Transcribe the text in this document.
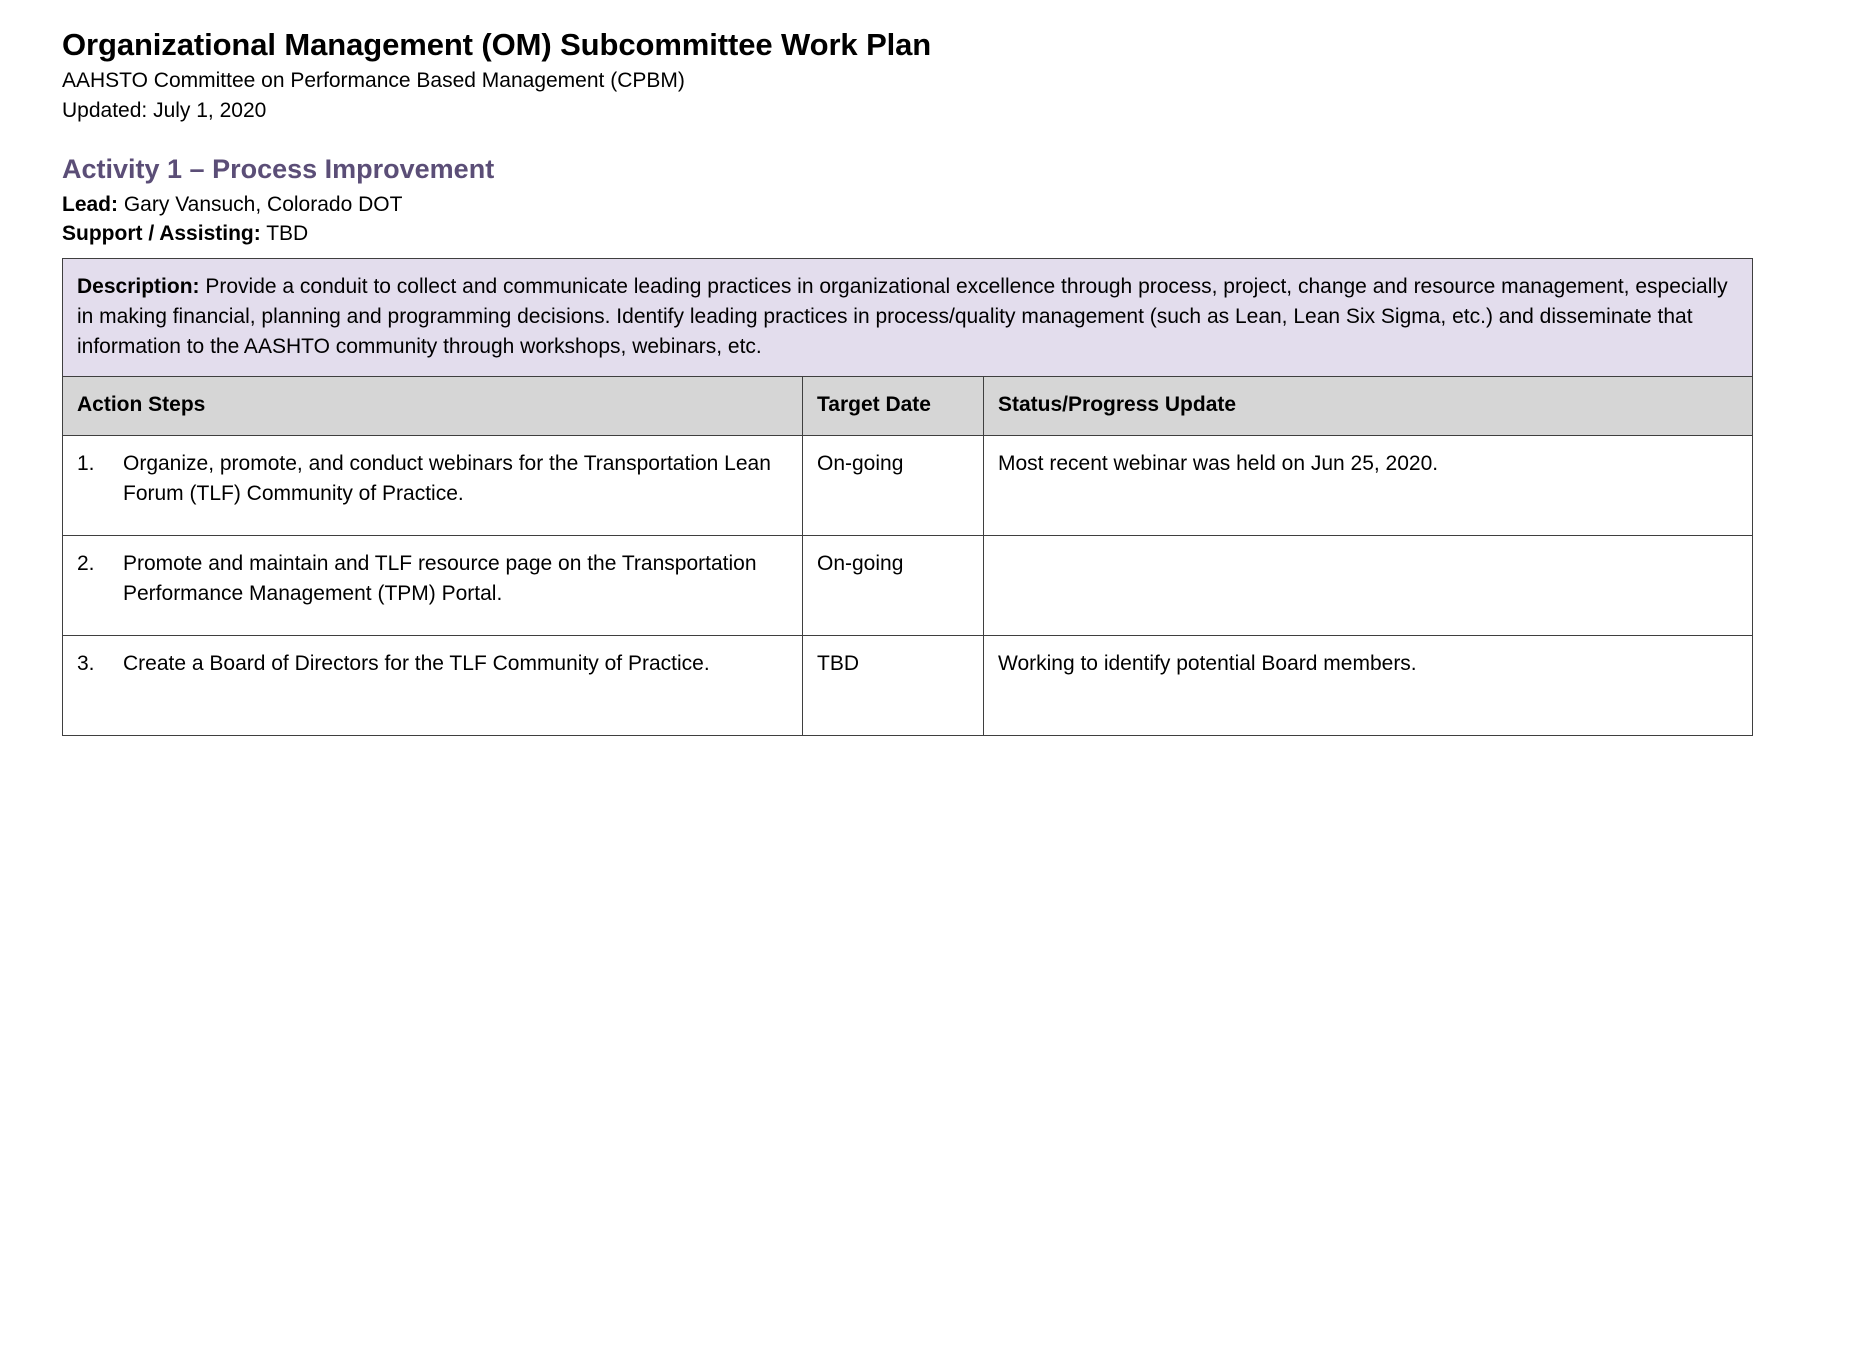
Organizational Management (OM) Subcommittee Work Plan

AAHSTO Committee on Performance Based Management (CPBM)

Updated: July 1, 2020

Activity 1 – Process Improvement

Lead: Gary Vansuch, Colorado DOT

Support / Assisting: TBD

Description: Provide a conduit to collect and communicate leading practices in organizational excellence through process, project, change and resource management, especially in making financial, planning and programming decisions. Identify leading practices in process/quality management (such as Lean, Lean Six Sigma, etc.) and disseminate that information to the AASHTO community through workshops, webinars, etc.		
Action Steps	Target Date	Status/Progress Update

1. Organize, promote, and conduct webinars for the Transportation Lean Forum (TLF) Community of Practice.	On-going	Most recent webinar was held on Jun 25, 2020.

2. Promote and maintain and TLF resource page on the Transportation Performance Management (TPM) Portal.	On-going	

3. Create a Board of Directors for the TLF Community of Practice.	TBD	Working to identify potential Board members.
